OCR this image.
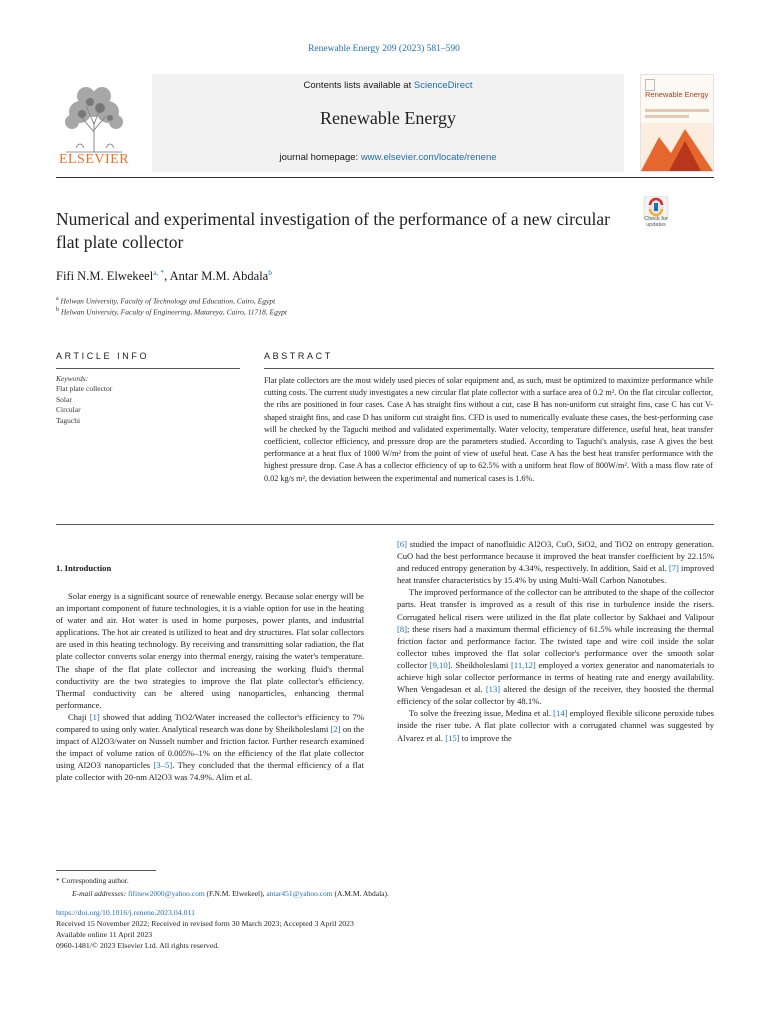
Renewable Energy 209 (2023) 581–590
ELSEVIER
Contents lists available at ScienceDirect
Renewable Energy
journal homepage: www.elsevier.com/locate/renene
Renewable Energy
Numerical and experimental investigation of the performance of a new circular flat plate collector
Check for updates
Fifi N.M. Elwekeel$^{a, *}$, Antar M.M. Abdala$^b$
$^a$ Helwan University, Faculty of Technology and Education, Cairo, Egypt
$^b$ Helwan University, Faculty of Engineering, Matareya, Cairo, 11718, Egypt
ARTICLE INFO
Keywords:
Flat plate collector
Solar
Circular
Taguchi
ABSTRACT
Flat plate collectors are the most widely used pieces of solar equipment and, as such, must be optimized to maximize performance while cutting costs. The current study investigates a new circular flat plate collector with a surface area of 0.2 m². On the flat circular collector, the ribs are positioned in four cases. Case A has straight fins without a cut, case B has non-uniform cut straight fins, case C has cut V-shaped straight fins, and case D has uniform cut straight fins. CFD is used to numerically evaluate these cases, the best-performing case will be checked by the Taguchi method and validated experimentally. Water velocity, temperature difference, useful heat, heat transfer coefficient, collector efficiency, and pressure drop are the parameters studied. According to Taguchi's analysis, case A gives the best performance at a heat flux of 1000 W/m² from the point of view of useful heat. Case A has the best heat transfer performance with the highest pressure drop. Case A has a collector efficiency of up to 62.5% with a uniform heat flow of 800W/m². With a mass flow rate of 0.02 kg/s m², the deviation between the experimental and numerical cases is 1.6%.
1. Introduction

Solar energy is a significant source of renewable energy. Because solar energy will be an important component of future technologies, it is a viable option for use in the heating of water and air. Hot water is used in home purposes, power plants, and industrial applications. The hot air created is utilized to heat and dry structures. Flat solar collectors are used in this heating technology. By receiving and transmitting solar radiation, the flat plate collector converts solar energy into thermal energy, raising the water's temperature. The shape of the flat plate collector and increasing the working fluid's thermal conductivity are the two strategies to improve the flat plate collector's efficiency. Thermal conductivity can be altered using nanoparticles, enhancing thermal performance.

Chaji [1] showed that adding TiO2/Water increased the collector's efficiency to 7% compared to using only water. Analytical research was done by Sheikholeslami [2] on the impact of Al2O3/water on Nusselt number and friction factor. Further research examined the impact of volume ratios of 0.005%–1% on the efficiency of the flat plate collector using Al2O3 nanoparticles [3–5]. They concluded that the thermal efficiency of a flat plate collector with 20-nm Al2O3 was 74.9%. Alim et al.

[6] studied the impact of nanofluidic Al2O3, CuO, SiO2, and TiO2 on entropy generation. CuO had the best performance because it improved the heat transfer coefficient by 22.15% and reduced entropy generation by 4.34%, respectively. In addition, Said et al. [7] improved heat transfer characteristics by 15.4% by using Multi-Wall Carbon Nanotubes.

The improved performance of the collector can be attributed to the shape of the collector parts. Heat transfer is improved as a result of this rise in turbulence inside the risers. Corrugated helical risers were utilized in the flat plate collector by Sakhaei and Valipour [8]; these risers had a maximum thermal efficiency of 61.5% while increasing the thermal friction factor and performance factor. The twisted tape and wire coil inside the solar collector tubes improved the flat solar collector's performance over the smooth solar collector [9,10]. Sheikholeslami [11,12] employed a vortex generator and nanomaterials to achieve high solar collector performance in terms of heating rate and energy availability. When Vengadesan et al. [13] altered the design of the receiver, they boosted the thermal efficiency of the solar collector by 48.1%.

To solve the freezing issue, Medina et al. [14] employed flexible silicone peroxide tubes inside the riser tube. A flat plate collector with a corrugated channel was suggested by Alvarez et al. [15] to improve the

* Corresponding author.
E-mail addresses: fifinew2000@yahoo.com (F.N.M. Elwekeel), antar451@yahoo.com (A.M.M. Abdala).
https://doi.org/10.1016/j.renene.2023.04.011
Received 15 November 2022; Received in revised form 30 March 2023; Accepted 3 April 2023
Available online 11 April 2023
0960-1481/© 2023 Elsevier Ltd. All rights reserved.
